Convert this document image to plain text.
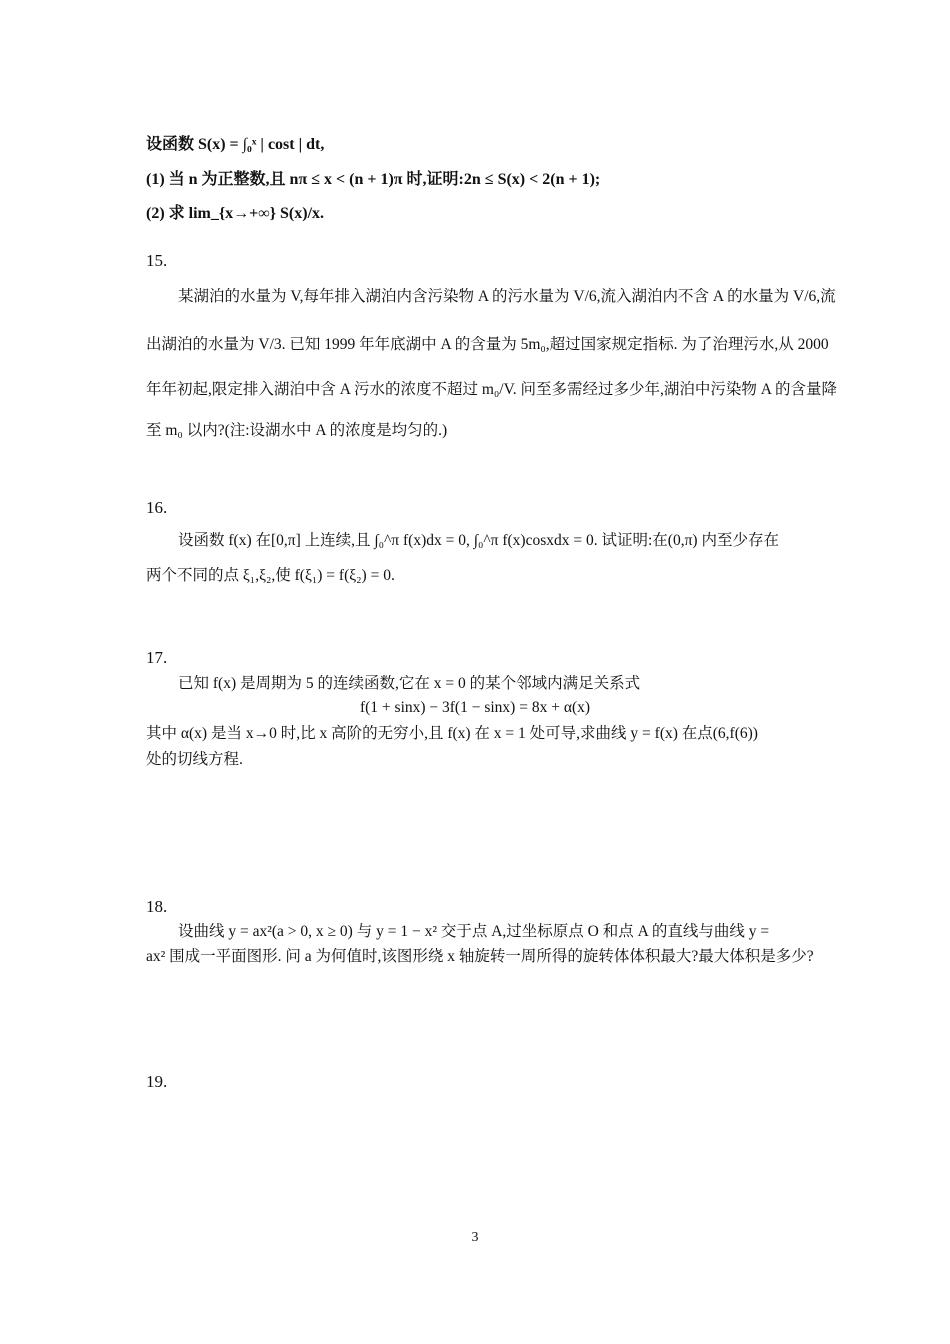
设函数 S(x) = ∫₀ˣ | cost | dt,
(1) 当 n 为正整数,且 nπ ≤ x < (n + 1)π 时,证明:2n ≤ S(x) < 2(n + 1);
(2) 求 lim_{x→+∞} S(x)/x.
15.
某湖泊的水量为 V,每年排入湖泊内含污染物 A 的污水量为 V/6,流入湖泊内不含 A 的水量为 V/6,流
出湖泊的水量为 V/3. 已知 1999 年年底湖中 A 的含量为 5m₀,超过国家规定指标. 为了治理污水,从 2000
年年初起,限定排入湖泊中含 A 污水的浓度不超过 m₀/V. 问至多需经过多少年,湖泊中污染物 A 的含量降
至 m₀ 以内?(注:设湖水中 A 的浓度是均匀的.)
16.
设函数 f(x) 在[0,π] 上连续,且 ∫₀^π f(x)dx = 0, ∫₀^π f(x)cosxdx = 0. 试证明:在(0,π) 内至少存在
两个不同的点 ξ₁,ξ₂,使 f(ξ₁) = f(ξ₂) = 0.
17.
已知 f(x) 是周期为 5 的连续函数,它在 x = 0 的某个邻域内满足关系式
f(1 + sinx) − 3f(1 − sinx) = 8x + α(x)
其中 α(x) 是当 x→0 时,比 x 高阶的无穷小,且 f(x) 在 x = 1 处可导,求曲线 y = f(x) 在点(6,f(6))
处的切线方程.
18.
设曲线 y = ax²(a > 0, x ≥ 0) 与 y = 1 − x² 交于点 A,过坐标原点 O 和点 A 的直线与曲线 y =
ax² 围成一平面图形. 问 a 为何值时,该图形绕 x 轴旋转一周所得的旋转体体积最大?最大体积是多少?
19.
3
